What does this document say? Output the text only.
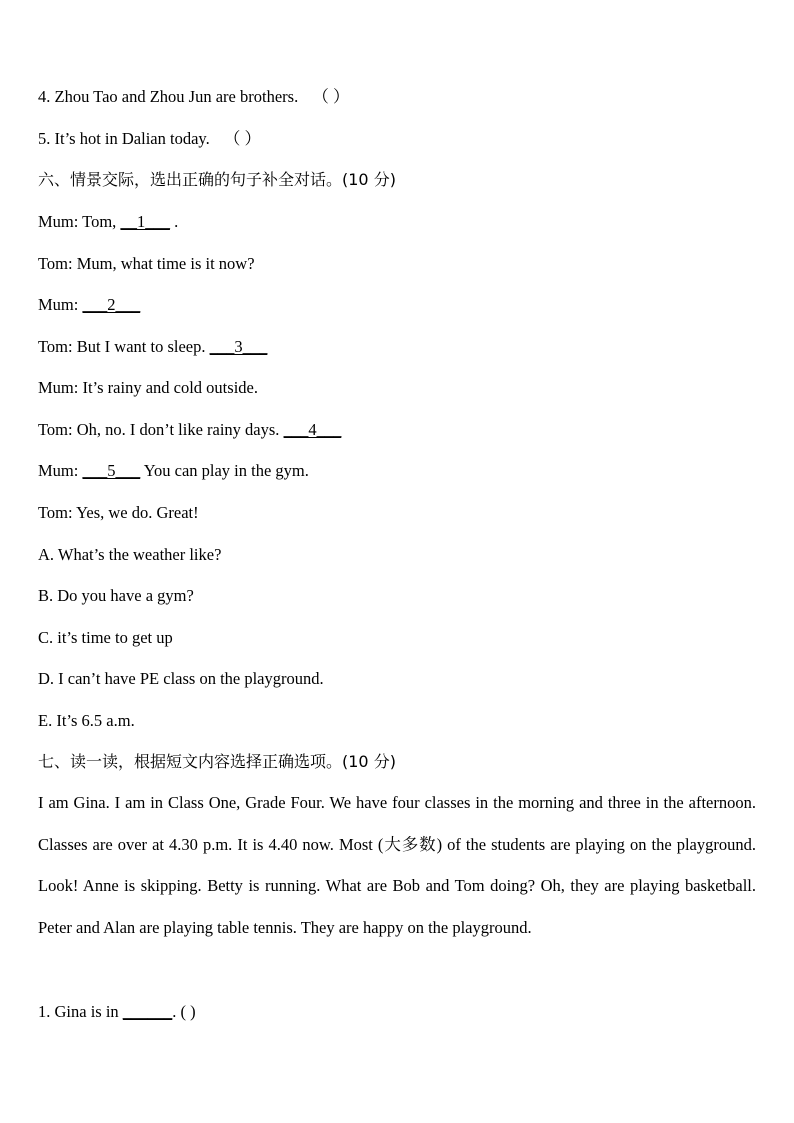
4. Zhou Tao and Zhou Jun are brothers. （ ）
5. It’s hot in Dalian today. （ ）
六、情景交际，选出正确的句子补全对话。(10 分)
Mum: Tom, __1___ .
Tom: Mum, what time is it now?
Mum: ___2___
Tom: But I want to sleep. ___3___
Mum: It’s rainy and cold outside.
Tom: Oh, no. I don’t like rainy days. ___4___
Mum: ___5___ You can play in the gym.
Tom: Yes, we do. Great!
A. What’s the weather like?
B. Do you have a gym?
C. it’s time to get up
D. I can’t have PE class on the playground.
E. It’s 6.5 a.m.
七、读一读，根据短文内容选择正确选项。(10 分)
I am Gina. I am in Class One, Grade Four. We have four classes in the morning and three in the afternoon. Classes are over at 4.30 p.m. It is 4.40 now. Most (大多数) of the students are playing on the playground. Look! Anne is skipping. Betty is running. What are Bob and Tom doing? Oh, they are playing basketball. Peter and Alan are playing table tennis. They are happy on the playground.
1. Gina is in ______. ( )
